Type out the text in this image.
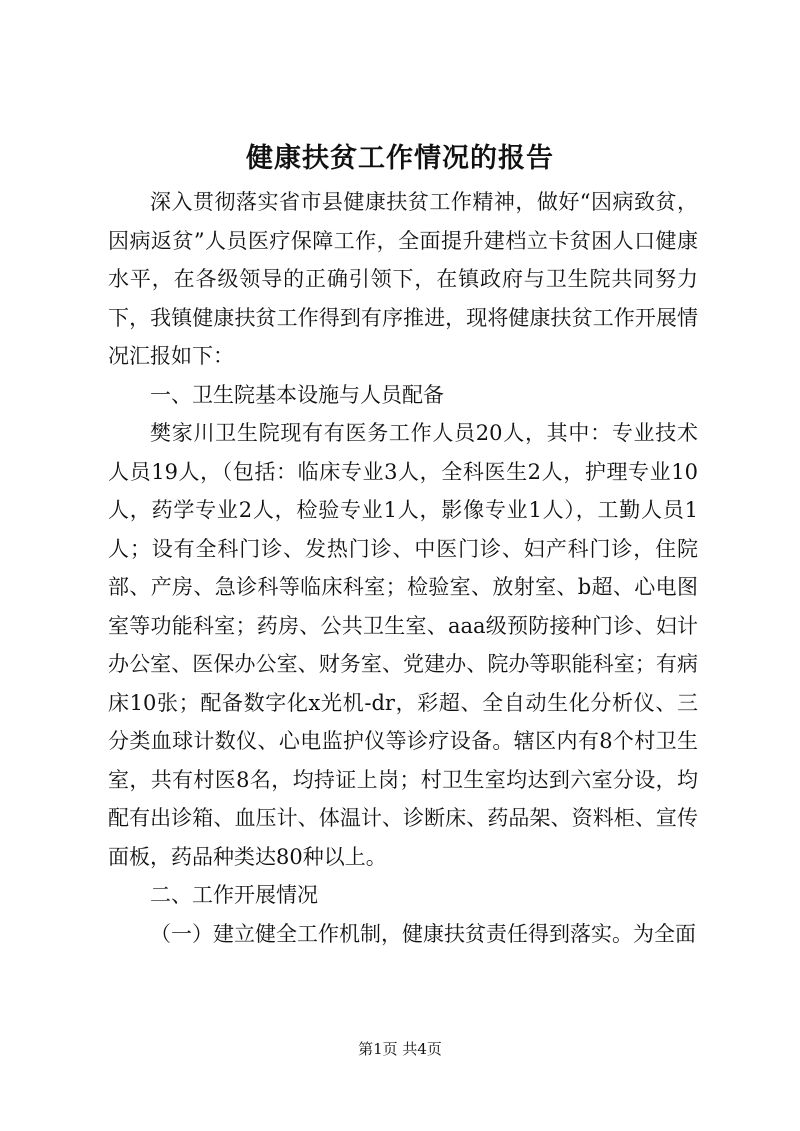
健康扶贫工作情况的报告

深入贯彻落实省市县健康扶贫工作精神，做好“因病致贫，因病返贫”人员医疗保障工作，全面提升建档立卡贫困人口健康水平，在各级领导的正确引领下，在镇政府与卫生院共同努力下，我镇健康扶贫工作得到有序推进，现将健康扶贫工作开展情况汇报如下：

一、卫生院基本设施与人员配备

樊家川卫生院现有有医务工作人员20人，其中：专业技术人员19人，（包括：临床专业3人，全科医生2人，护理专业10人，药学专业2人，检验专业1人，影像专业1人），工勤人员1人；设有全科门诊、发热门诊、中医门诊、妇产科门诊，住院部、产房、急诊科等临床科室；检验室、放射室、b超、心电图室等功能科室；药房、公共卫生室、aaa级预防接种门诊、妇计办公室、医保办公室、财务室、党建办、院办等职能科室；有病床10张；配备数字化x光机-dr，彩超、全自动生化分析仪、三分类血球计数仪、心电监护仪等诊疗设备。辖区内有8个村卫生室，共有村医8名，均持证上岗；村卫生室均达到六室分设，均配有出诊箱、血压计、体温计、诊断床、药品架、资料柜、宣传面板，药品种类达80种以上。

二、工作开展情况

（一）建立健全工作机制，健康扶贫责任得到落实。为全面

第1页 共4页
